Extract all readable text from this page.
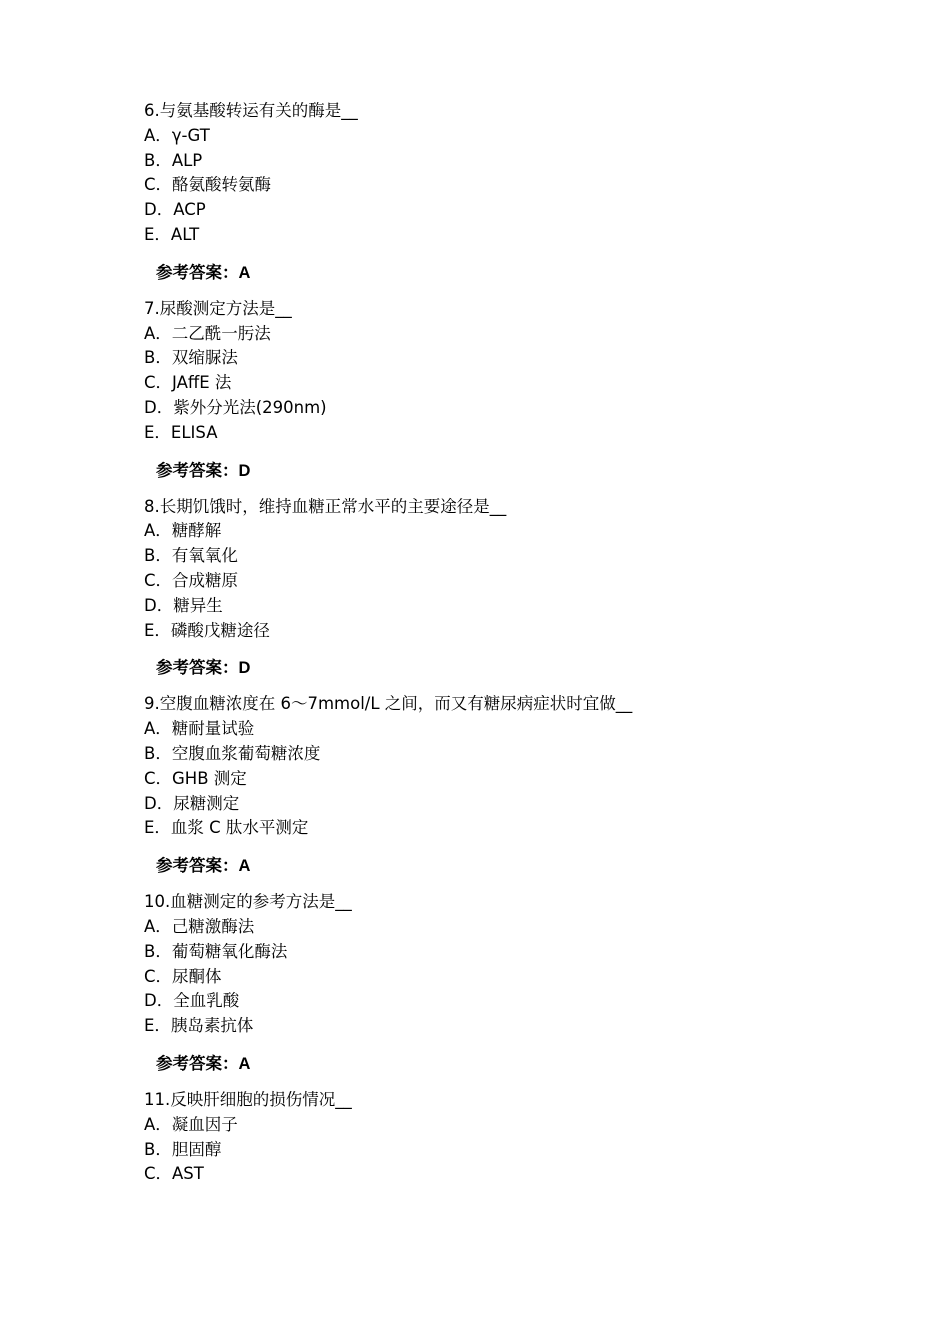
6.与氨基酸转运有关的酶是__
A．γ-GT
B．ALP
C．酪氨酸转氨酶
D．ACP
E．ALT
参考答案：A
7.尿酸测定方法是__
A．二乙酰一肟法
B．双缩脲法
C．JAffE 法
D．紫外分光法(290nm)
E．ELISA
参考答案：D
8.长期饥饿时，维持血糖正常水平的主要途径是__
A．糖酵解
B．有氧氧化
C．合成糖原
D．糖异生
E．磷酸戊糖途径
参考答案：D
9.空腹血糖浓度在 6～7mmol/L 之间，而又有糖尿病症状时宜做__
A．糖耐量试验
B．空腹血浆葡萄糖浓度
C．GHB 测定
D．尿糖测定
E．血浆 C 肽水平测定
参考答案：A
10.血糖测定的参考方法是__
A．己糖激酶法
B．葡萄糖氧化酶法
C．尿酮体
D．全血乳酸
E．胰岛素抗体
参考答案：A
11.反映肝细胞的损伤情况__
A．凝血因子
B．胆固醇
C．AST
